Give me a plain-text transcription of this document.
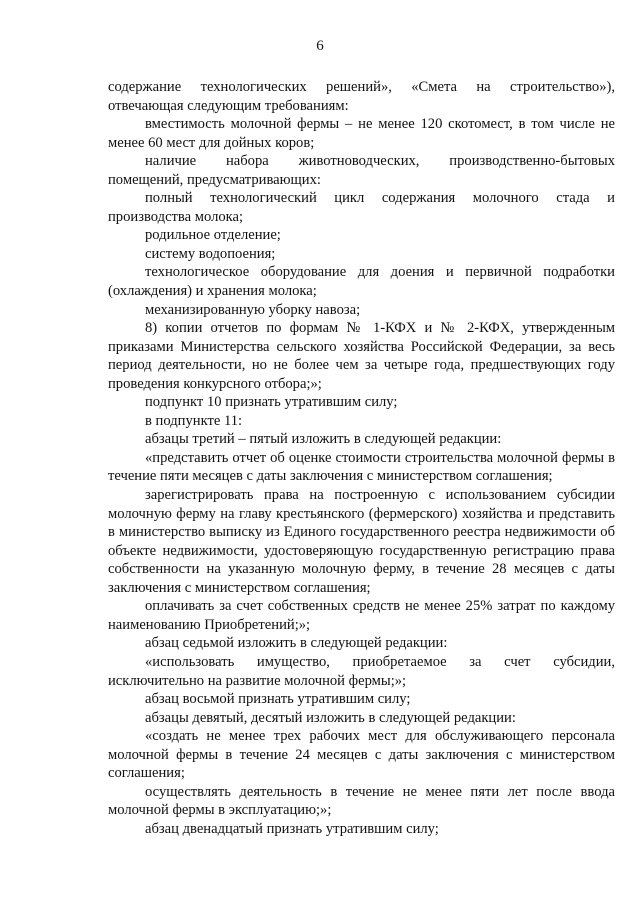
6

содержание технологических решений», «Смета на строительство»), отвечающая следующим требованиям:

вместимость молочной фермы – не менее 120 скотомест, в том числе не менее 60 мест для дойных коров;

наличие набора животноводческих, производственно-бытовых помещений, предусматривающих:

полный технологический цикл содержания молочного стада и производства молока;

родильное отделение;

систему водопоения;

технологическое оборудование для доения и первичной подработки (охлаждения) и хранения молока;

механизированную уборку навоза;

8) копии отчетов по формам № 1-КФХ и № 2-КФХ, утвержденным приказами Министерства сельского хозяйства Российской Федерации, за весь период деятельности, но не более чем за четыре года, предшествующих году проведения конкурсного отбора;»;

подпункт 10 признать утратившим силу;

в подпункте 11:

абзацы третий – пятый изложить в следующей редакции:

«представить отчет об оценке стоимости строительства молочной фермы в течение пяти месяцев с даты заключения с министерством соглашения;

зарегистрировать права на построенную с использованием субсидии молочную ферму на главу крестьянского (фермерского) хозяйства и представить в министерство выписку из Единого государственного реестра недвижимости об объекте недвижимости, удостоверяющую государственную регистрацию права собственности на указанную молочную ферму, в течение 28 месяцев с даты заключения с министерством соглашения;

оплачивать за счет собственных средств не менее 25% затрат по каждому наименованию Приобретений;»;

абзац седьмой изложить в следующей редакции:

«использовать имущество, приобретаемое за счет субсидии, исключительно на развитие молочной фермы;»;

абзац восьмой признать утратившим силу;

абзацы девятый, десятый изложить в следующей редакции:

«создать не менее трех рабочих мест для обслуживающего персонала молочной фермы в течение 24 месяцев с даты заключения с министерством соглашения;

осуществлять деятельность в течение не менее пяти лет после ввода молочной фермы в эксплуатацию;»;

абзац двенадцатый признать утратившим силу;
